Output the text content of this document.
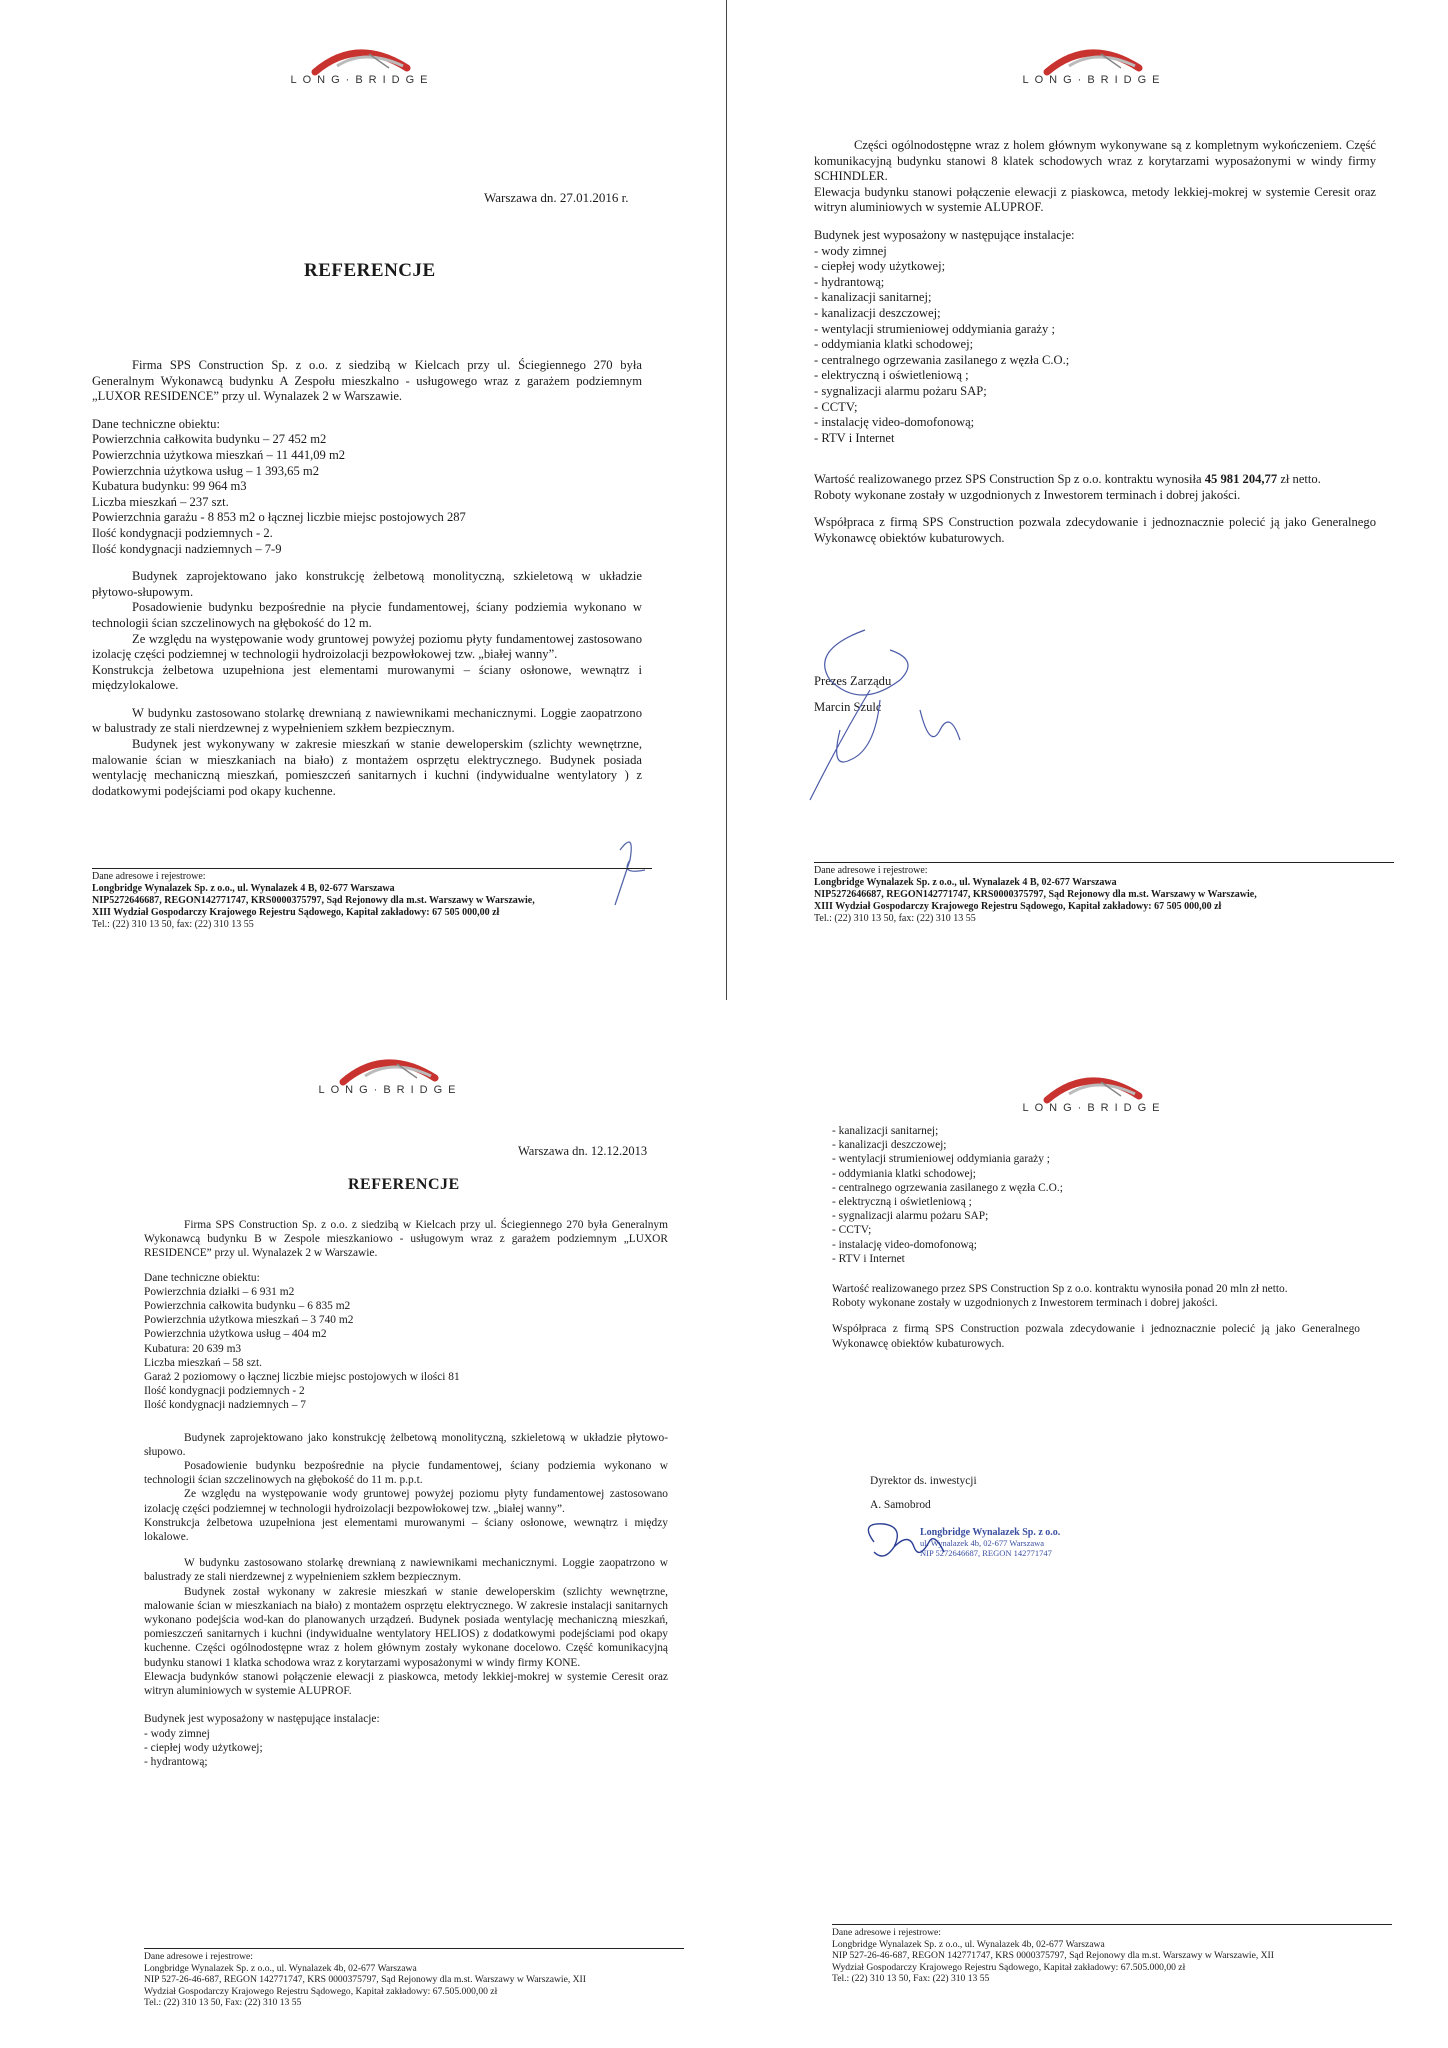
LONG·BRIDGE
Warszawa dn. 27.01.2016 r.
REFERENCJE

Firma SPS Construction Sp. z o.o. z siedzibą w Kielcach przy ul. Ściegiennego 270 była Generalnym Wykonawcą budynku A Zespołu mieszkalno - usługowego wraz z garażem podziemnym „LUXOR RESIDENCE” przy ul. Wynalazek 2 w Warszawie.

Dane techniczne obiektu:

Powierzchnia całkowita budynku – 27 452 m2

Powierzchnia użytkowa mieszkań – 11 441,09 m2

Powierzchnia użytkowa usług – 1 393,65 m2

Kubatura budynku: 99 964 m3

Liczba mieszkań – 237 szt.

Powierzchnia garażu - 8 853 m2 o łącznej liczbie miejsc postojowych 287

Ilość kondygnacji podziemnych - 2.

Ilość kondygnacji nadziemnych – 7-9

Budynek zaprojektowano jako konstrukcję żelbetową monolityczną, szkieletową w układzie płytowo-słupowym.

Posadowienie budynku bezpośrednie na płycie fundamentowej, ściany podziemia wykonano w technologii ścian szczelinowych na głębokość do 12 m.

Ze względu na występowanie wody gruntowej powyżej poziomu płyty fundamentowej zastosowano izolację części podziemnej w technologii hydroizolacji bezpowłokowej tzw. „białej wanny”.

Konstrukcja żelbetowa uzupełniona jest elementami murowanymi – ściany osłonowe, wewnątrz i międzylokalowe.

W budynku zastosowano stolarkę drewnianą z nawiewnikami mechanicznymi. Loggie zaopatrzono w balustrady ze stali nierdzewnej z wypełnieniem szkłem bezpiecznym.

Budynek jest wykonywany w zakresie mieszkań w stanie deweloperskim (szlichty wewnętrzne, malowanie ścian w mieszkaniach na biało) z montażem osprzętu elektrycznego. Budynek posiada wentylację mechaniczną mieszkań, pomieszczeń sanitarnych i kuchni (indywidualne wentylatory ) z dodatkowymi podejściami pod okapy kuchenne.

Dane adresowe i rejestrowe:
Longbridge Wynalazek Sp. z o.o., ul. Wynalazek 4 B, 02-677 Warszawa
NIP5272646687, REGON142771747, KRS0000375797, Sąd Rejonowy dla m.st. Warszawy w Warszawie,
XIII Wydział Gospodarczy Krajowego Rejestru Sądowego, Kapitał zakładowy: 67 505 000,00 zł
Tel.: (22) 310 13 50, fax: (22) 310 13 55
LONG·BRIDGE

Części ogólnodostępne wraz z holem głównym wykonywane są z kompletnym wykończeniem. Część komunikacyjną budynku stanowi 8 klatek schodowych wraz z korytarzami wyposażonymi w windy firmy SCHINDLER.

Elewacja budynku stanowi połączenie elewacji z piaskowca, metody lekkiej-mokrej w systemie Ceresit oraz witryn aluminiowych w systemie ALUPROF.

Budynek jest wyposażony w następujące instalacje:

- wody zimnej

- ciepłej wody użytkowej;

- hydrantową;

- kanalizacji sanitarnej;

- kanalizacji deszczowej;

- wentylacji strumieniowej oddymiania garaży ;

- oddymiania klatki schodowej;

- centralnego ogrzewania zasilanego z węzła C.O.;

- elektryczną i oświetleniową ;

- sygnalizacji alarmu pożaru SAP;

- CCTV;

- instalację video-domofonową;

- RTV i Internet

Wartość realizowanego przez SPS Construction Sp z o.o. kontraktu wynosiła 45 981 204,77 zł netto.

Roboty wykonane zostały w uzgodnionych z Inwestorem terminach i dobrej jakości.

Współpraca z firmą SPS Construction pozwala zdecydowanie i jednoznacznie polecić ją jako Generalnego Wykonawcę obiektów kubaturowych.

Prezes Zarządu

Marcin Szulc

Dane adresowe i rejestrowe:
Longbridge Wynalazek Sp. z o.o., ul. Wynalazek 4 B, 02-677 Warszawa
NIP5272646687, REGON142771747, KRS0000375797, Sąd Rejonowy dla m.st. Warszawy w Warszawie,
XIII Wydział Gospodarczy Krajowego Rejestru Sądowego, Kapitał zakładowy: 67 505 000,00 zł
Tel.: (22) 310 13 50, fax: (22) 310 13 55
LONG·BRIDGE
Warszawa dn. 12.12.2013
REFERENCJE

Firma SPS Construction Sp. z o.o. z siedzibą w Kielcach przy ul. Ściegiennego 270 była Generalnym Wykonawcą budynku B w Zespole mieszkaniowo - usługowym wraz z garażem podziemnym „LUXOR RESIDENCE” przy ul. Wynalazek 2 w Warszawie.

Dane techniczne obiektu:

Powierzchnia działki – 6 931 m2

Powierzchnia całkowita budynku – 6 835 m2

Powierzchnia użytkowa mieszkań – 3 740 m2

Powierzchnia użytkowa usług – 404 m2

Kubatura: 20 639 m3

Liczba mieszkań – 58 szt.

Garaż 2 poziomowy o łącznej liczbie miejsc postojowych w ilości 81

Ilość kondygnacji podziemnych - 2

Ilość kondygnacji nadziemnych – 7

Budynek zaprojektowano jako konstrukcję żelbetową monolityczną, szkieletową w układzie płytowo-słupowo.

Posadowienie budynku bezpośrednie na płycie fundamentowej, ściany podziemia wykonano w technologii ścian szczelinowych na głębokość do 11 m. p.p.t.

Ze względu na występowanie wody gruntowej powyżej poziomu płyty fundamentowej zastosowano izolację części podziemnej w technologii hydroizolacji bezpowłokowej tzw. „białej wanny”.

Konstrukcja żelbetowa uzupełniona jest elementami murowanymi – ściany osłonowe, wewnątrz i między lokalowe.

W budynku zastosowano stolarkę drewnianą z nawiewnikami mechanicznymi. Loggie zaopatrzono w balustrady ze stali nierdzewnej z wypełnieniem szkłem bezpiecznym.

Budynek został wykonany w zakresie mieszkań w stanie deweloperskim (szlichty wewnętrzne, malowanie ścian w mieszkaniach na biało) z montażem osprzętu elektrycznego. W zakresie instalacji sanitarnych wykonano podejścia wod-kan do planowanych urządzeń. Budynek posiada wentylację mechaniczną mieszkań, pomieszczeń sanitarnych i kuchni (indywidualne wentylatory HELIOS) z dodatkowymi podejściami pod okapy kuchenne. Części ogólnodostępne wraz z holem głównym zostały wykonane docelowo. Część komunikacyjną budynku stanowi 1 klatka schodowa wraz z korytarzami wyposażonymi w windy firmy KONE.

Elewacja budynków stanowi połączenie elewacji z piaskowca, metody lekkiej-mokrej w systemie Ceresit oraz witryn aluminiowych w systemie ALUPROF.

Budynek jest wyposażony w następujące instalacje:

- wody zimnej

- ciepłej wody użytkowej;

- hydrantową;

Dane adresowe i rejestrowe:
Longbridge Wynalazek Sp. z o.o., ul. Wynalazek 4b, 02-677 Warszawa
NIP 527-26-46-687, REGON 142771747, KRS 0000375797, Sąd Rejonowy dla m.st. Warszawy w Warszawie, XII
Wydział Gospodarczy Krajowego Rejestru Sądowego, Kapitał zakładowy: 67.505.000,00 zł
Tel.: (22) 310 13 50, Fax: (22) 310 13 55
LONG·BRIDGE

- kanalizacji sanitarnej;

- kanalizacji deszczowej;

- wentylacji strumieniowej oddymiania garaży ;

- oddymiania klatki schodowej;

- centralnego ogrzewania zasilanego z węzła C.O.;

- elektryczną i oświetleniową ;

- sygnalizacji alarmu pożaru SAP;

- CCTV;

- instalację video-domofonową;

- RTV i Internet

Wartość realizowanego przez SPS Construction Sp z o.o. kontraktu wynosiła ponad 20 mln zł netto.

Roboty wykonane zostały w uzgodnionych z Inwestorem terminach i dobrej jakości.

Współpraca z firmą SPS Construction pozwala zdecydowanie i jednoznacznie polecić ją jako Generalnego Wykonawcę obiektów kubaturowych.

Dyrektor ds. inwestycji

A. Samobrod

Longbridge Wynalazek Sp. z o.o.
ul. Wynalazek 4b, 02-677 Warszawa
NIP 5272646687, REGON 142771747
Dane adresowe i rejestrowe:
Longbridge Wynalazek Sp. z o.o., ul. Wynalazek 4b, 02-677 Warszawa
NIP 527-26-46-687, REGON 142771747, KRS 0000375797, Sąd Rejonowy dla m.st. Warszawy w Warszawie, XII
Wydział Gospodarczy Krajowego Rejestru Sądowego, Kapitał zakładowy: 67.505.000,00 zł
Tel.: (22) 310 13 50, Fax: (22) 310 13 55
